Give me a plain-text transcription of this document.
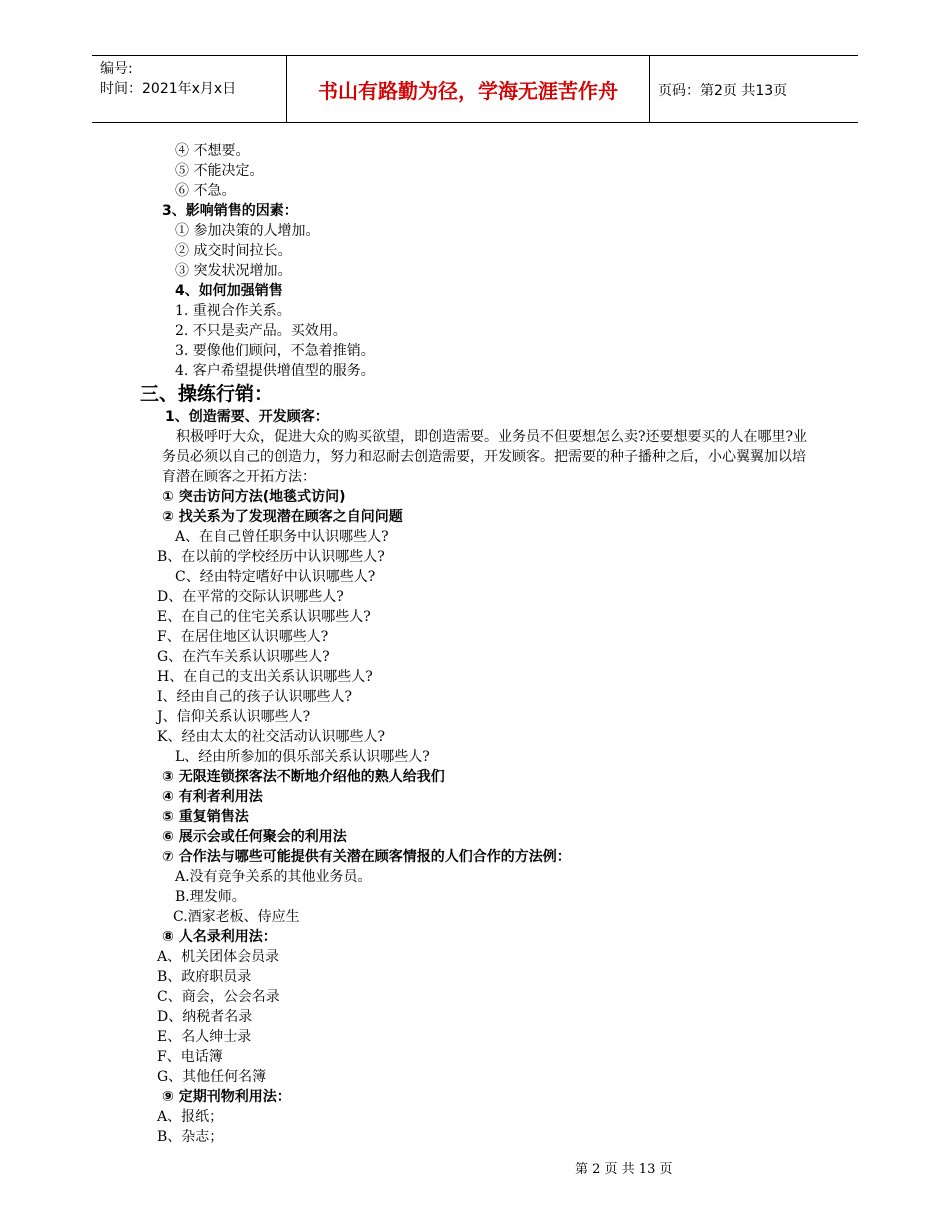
编号:
时间：2021年x月x日	书山有路勤为径，学海无涯苦作舟	页码：第2页 共13页
④ 不想要。
⑤ 不能决定。
⑥ 不急。
3、影响销售的因素：
① 参加决策的人增加。
② 成交时间拉长。
③ 突发状况增加。
4、如何加强销售
1. 重视合作关系。
2. 不只是卖产品。买效用。
3. 要像他们顾问，不急着推销。
4. 客户希望提供增值型的服务。
三、操练行销：
1、创造需要、开发顾客：
积极呼吁大众，促进大众的购买欲望，即创造需要。业务员不但要想怎么卖?还要想要买的人在哪里?业务员必须以自己的创造力，努力和忍耐去创造需要，开发顾客。把需要的种子播种之后，小心翼翼加以培育潜在顾客之开拓方法：
① 突击访问方法(地毯式访问)
② 找关系为了发现潜在顾客之自问问题
A、在自己曾任职务中认识哪些人?
B、在以前的学校经历中认识哪些人?
C、经由特定嗜好中认识哪些人?
D、在平常的交际认识哪些人?
E、在自己的住宅关系认识哪些人?
F、在居住地区认识哪些人?
G、在汽车关系认识哪些人?
H、在自己的支出关系认识哪些人?
I、经由自己的孩子认识哪些人?
J、信仰关系认识哪些人?
K、经由太太的社交活动认识哪些人?
L、经由所参加的俱乐部关系认识哪些人?
③ 无限连锁探客法不断地介绍他的熟人给我们
④ 有利者利用法
⑤ 重复销售法
⑥ 展示会或任何聚会的利用法
⑦ 合作法与哪些可能提供有关潜在顾客情报的人们合作的方法例：
A.没有竞争关系的其他业务员。
B.理发师。
C.酒家老板、侍应生
⑧ 人名录利用法：
A、机关团体会员录
B、政府职员录
C、商会，公会名录
D、纳税者名录
E、名人绅士录
F、电话簿
G、其他任何名簿
⑨ 定期刊物利用法：
A、报纸；
B、杂志；
第 2 页 共 13 页
